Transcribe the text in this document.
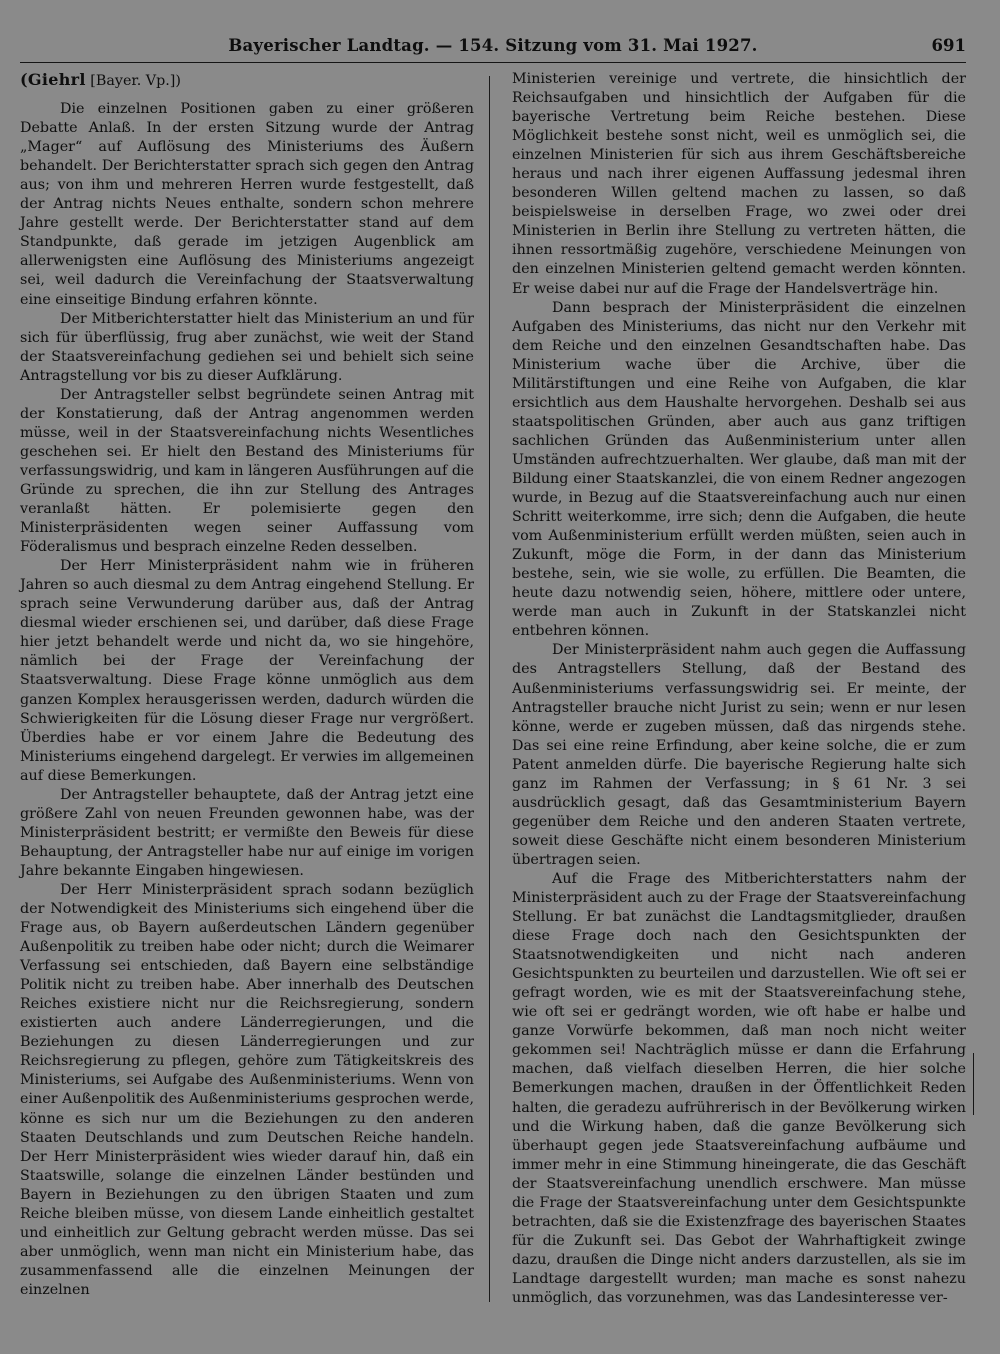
Bayerischer Landtag. — 154. Sitzung vom 31. Mai 1927.	691

(Giehrl [Bayer. Vp.])

Die einzelnen Positionen gaben zu einer größeren Debatte Anlaß. In der ersten Sitzung wurde der Antrag „Mager“ auf Auflösung des Ministeriums des Äußern behandelt. Der Berichterstatter sprach sich gegen den Antrag aus; von ihm und mehreren Herren wurde festgestellt, daß der Antrag nichts Neues enthalte, sondern schon mehrere Jahre gestellt werde. Der Berichterstatter stand auf dem Standpunkte, daß gerade im jetzigen Augenblick am allerwenigsten eine Auflösung des Ministeriums angezeigt sei, weil dadurch die Vereinfachung der Staatsverwaltung eine einseitige Bindung erfahren könnte.

Der Mitberichterstatter hielt das Ministerium an und für sich für überflüssig, frug aber zunächst, wie weit der Stand der Staatsvereinfachung gediehen sei und behielt sich seine Antragstellung vor bis zu dieser Aufklärung.

Der Antragsteller selbst begründete seinen Antrag mit der Konstatierung, daß der Antrag angenommen werden müsse, weil in der Staatsvereinfachung nichts Wesentliches geschehen sei. Er hielt den Bestand des Ministeriums für verfassungswidrig, und kam in längeren Ausführungen auf die Gründe zu sprechen, die ihn zur Stellung des Antrages veranlaßt hätten. Er polemisierte gegen den Ministerpräsidenten wegen seiner Auffassung vom Föderalismus und besprach einzelne Reden desselben.

Der Herr Ministerpräsident nahm wie in früheren Jahren so auch diesmal zu dem Antrag eingehend Stellung. Er sprach seine Verwunderung darüber aus, daß der Antrag diesmal wieder erschienen sei, und darüber, daß diese Frage hier jetzt behandelt werde und nicht da, wo sie hingehöre, nämlich bei der Frage der Vereinfachung der Staatsverwaltung. Diese Frage könne unmöglich aus dem ganzen Komplex herausgerissen werden, dadurch würden die Schwierigkeiten für die Lösung dieser Frage nur vergrößert. Überdies habe er vor einem Jahre die Bedeutung des Ministeriums eingehend dargelegt. Er verwies im allgemeinen auf diese Bemerkungen.

Der Antragsteller behauptete, daß der Antrag jetzt eine größere Zahl von neuen Freunden gewonnen habe, was der Ministerpräsident bestritt; er vermißte den Beweis für diese Behauptung, der Antragsteller habe nur auf einige im vorigen Jahre bekannte Eingaben hingewiesen.

Der Herr Ministerpräsident sprach sodann bezüglich der Notwendigkeit des Ministeriums sich eingehend über die Frage aus, ob Bayern außerdeutschen Ländern gegenüber Außenpolitik zu treiben habe oder nicht; durch die Weimarer Verfassung sei entschieden, daß Bayern eine selbständige Politik nicht zu treiben habe. Aber innerhalb des Deutschen Reiches existiere nicht nur die Reichsregierung, sondern existierten auch andere Länderregierungen, und die Beziehungen zu diesen Länderregierungen und zur Reichsregierung zu pflegen, gehöre zum Tätigkeitskreis des Ministeriums, sei Aufgabe des Außenministeriums. Wenn von einer Außenpolitik des Außenministeriums gesprochen werde, könne es sich nur um die Beziehungen zu den anderen Staaten Deutschlands und zum Deutschen Reiche handeln. Der Herr Ministerpräsident wies wieder darauf hin, daß ein Staatswille, solange die einzelnen Länder bestünden und Bayern in Beziehungen zu den übrigen Staaten und zum Reiche bleiben müsse, von diesem Lande einheitlich gestaltet und einheitlich zur Geltung gebracht werden müsse. Das sei aber unmöglich, wenn man nicht ein Ministerium habe, das zusammenfassend alle die einzelnen Meinungen der einzelnen

Ministerien vereinige und vertrete, die hinsichtlich der Reichsaufgaben und hinsichtlich der Aufgaben für die bayerische Vertretung beim Reiche bestehen. Diese Möglichkeit bestehe sonst nicht, weil es unmöglich sei, die einzelnen Ministerien für sich aus ihrem Geschäftsbereiche heraus und nach ihrer eigenen Auffassung jedesmal ihren besonderen Willen geltend machen zu lassen, so daß beispielsweise in derselben Frage, wo zwei oder drei Ministerien in Berlin ihre Stellung zu vertreten hätten, die ihnen ressortmäßig zugehöre, verschiedene Meinungen von den einzelnen Ministerien geltend gemacht werden könnten. Er weise dabei nur auf die Frage der Handelsverträge hin.

Dann besprach der Ministerpräsident die einzelnen Aufgaben des Ministeriums, das nicht nur den Verkehr mit dem Reiche und den einzelnen Gesandtschaften habe. Das Ministerium wache über die Archive, über die Militärstiftungen und eine Reihe von Aufgaben, die klar ersichtlich aus dem Haushalte hervorgehen. Deshalb sei aus staatspolitischen Gründen, aber auch aus ganz triftigen sachlichen Gründen das Außenministerium unter allen Umständen aufrechtzuerhalten. Wer glaube, daß man mit der Bildung einer Staatskanzlei, die von einem Redner angezogen wurde, in Bezug auf die Staatsvereinfachung auch nur einen Schritt weiterkomme, irre sich; denn die Aufgaben, die heute vom Außenministerium erfüllt werden müßten, seien auch in Zukunft, möge die Form, in der dann das Ministerium bestehe, sein, wie sie wolle, zu erfüllen. Die Beamten, die heute dazu notwendig seien, höhere, mittlere oder untere, werde man auch in Zukunft in der Statskanzlei nicht entbehren können.

Der Ministerpräsident nahm auch gegen die Auffassung des Antragstellers Stellung, daß der Bestand des Außenministeriums verfassungswidrig sei. Er meinte, der Antragsteller brauche nicht Jurist zu sein; wenn er nur lesen könne, werde er zugeben müssen, daß das nirgends stehe. Das sei eine reine Erfindung, aber keine solche, die er zum Patent anmelden dürfe. Die bayerische Regierung halte sich ganz im Rahmen der Verfassung; in § 61 Nr. 3 sei ausdrücklich gesagt, daß das Gesamtministerium Bayern gegenüber dem Reiche und den anderen Staaten vertrete, soweit diese Geschäfte nicht einem besonderen Ministerium übertragen seien.

Auf die Frage des Mitberichterstatters nahm der Ministerpräsident auch zu der Frage der Staatsvereinfachung Stellung. Er bat zunächst die Landtagsmitglieder, draußen diese Frage doch nach den Gesichtspunkten der Staatsnotwendigkeiten und nicht nach anderen Gesichtspunkten zu beurteilen und darzustellen. Wie oft sei er gefragt worden, wie es mit der Staatsvereinfachung stehe, wie oft sei er gedrängt worden, wie oft habe er halbe und ganze Vorwürfe bekommen, daß man noch nicht weiter gekommen sei! Nachträglich müsse er dann die Erfahrung machen, daß vielfach dieselben Herren, die hier solche Bemerkungen machen, draußen in der Öffentlichkeit Reden halten, die geradezu aufrührerisch in der Bevölkerung wirken und die Wirkung haben, daß die ganze Bevölkerung sich überhaupt gegen jede Staatsvereinfachung aufbäume und immer mehr in eine Stimmung hineingerate, die das Geschäft der Staatsvereinfachung unendlich erschwere. Man müsse die Frage der Staatsvereinfachung unter dem Gesichtspunkte betrachten, daß sie die Existenzfrage des bayerischen Staates für die Zukunft sei. Das Gebot der Wahrhaftigkeit zwinge dazu, draußen die Dinge nicht anders darzustellen, als sie im Landtage dargestellt wurden; man mache es sonst nahezu unmöglich, das vorzunehmen, was das Landesinteresse ver-
